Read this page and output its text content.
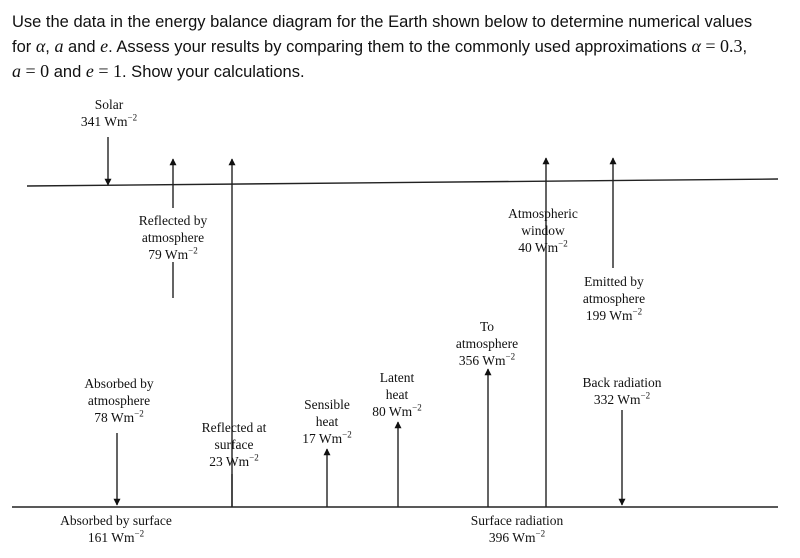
Use the data in the energy balance diagram for the Earth shown below to determine numerical values

for α, a and e. Assess your results by comparing them to the commonly used approximations α = 0.3,

a = 0 and e = 1. Show your calculations.

Solar
341 $Wm^{-2}$
Reflected by
atmosphere
79 $Wm^{-2}$
Atmospheric
window
40 $Wm^{-2}$
Emitted by
atmosphere
199 $Wm^{-2}$
To
atmosphere
356 $Wm^{-2}$
Absorbed by
atmosphere
78 $Wm^{-2}$
Latent
heat
80 $Wm^{-2}$
Back radiation
332 $Wm^{-2}$
Sensible
heat
17 $Wm^{-2}$
Reflected at
surface
23 $Wm^{-2}$
Absorbed by surface
161 $Wm^{-2}$
Surface radiation
396 $Wm^{-2}$
